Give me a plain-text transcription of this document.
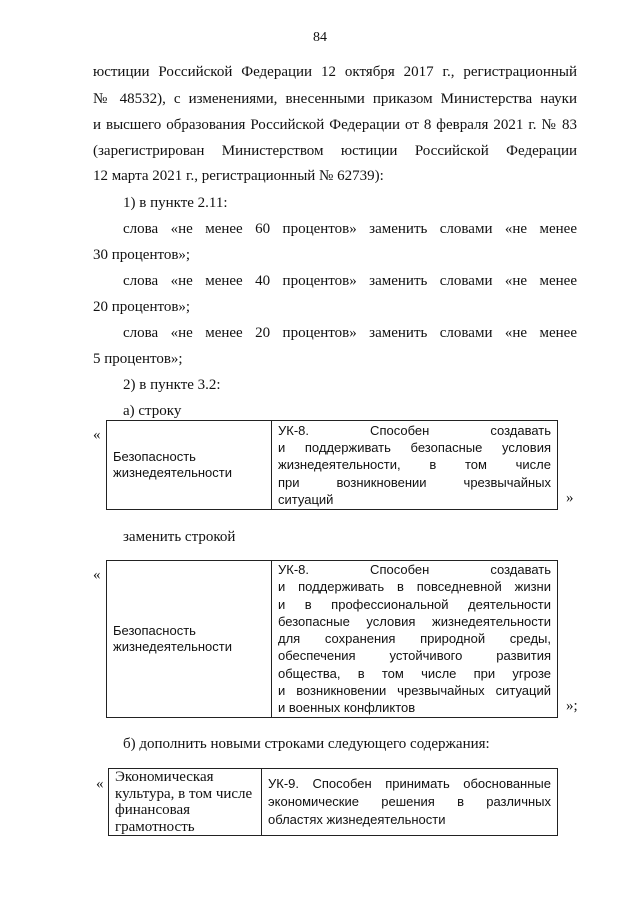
84
юстиции Российской Федерации 12 октября 2017 г., регистрационный
№ 48532), с изменениями, внесенными приказом Министерства науки
и высшего образования Российской Федерации от 8 февраля 2021 г. № 83
(зарегистрирован Министерством юстиции Российской Федерации
12 марта 2021 г., регистрационный № 62739):
1) в пункте 2.11:
слова «не менее 60 процентов» заменить словами «не менее
30 процентов»;
слова «не менее 40 процентов» заменить словами «не менее
20 процентов»;
слова «не менее 20 процентов» заменить словами «не менее
5 процентов»;
2) в пункте 3.2:
а) строку
«
Безопасность жизнедеятельности	
УК-8. Способен создавать
и поддерживать безопасные условия
жизнедеятельности, в том числе
при возникновении чрезвычайных
ситуаций	»
заменить строкой
«
Безопасность жизнедеятельности	
УК-8. Способен создавать
и поддерживать в повседневной жизни
и в профессиональной деятельности
безопасные условия жизнедеятельности
для сохранения природной среды,
обеспечения устойчивого развития
общества, в том числе при угрозе
и возникновении чрезвычайных ситуаций
и военных конфликтов	»;
б) дополнить новыми строками следующего содержания:
« Экономическая
культура, в том числе
финансовая
грамотность

УК-9. Способен принимать обоснованные
экономические решения в различных
областях жизнедеятельности
